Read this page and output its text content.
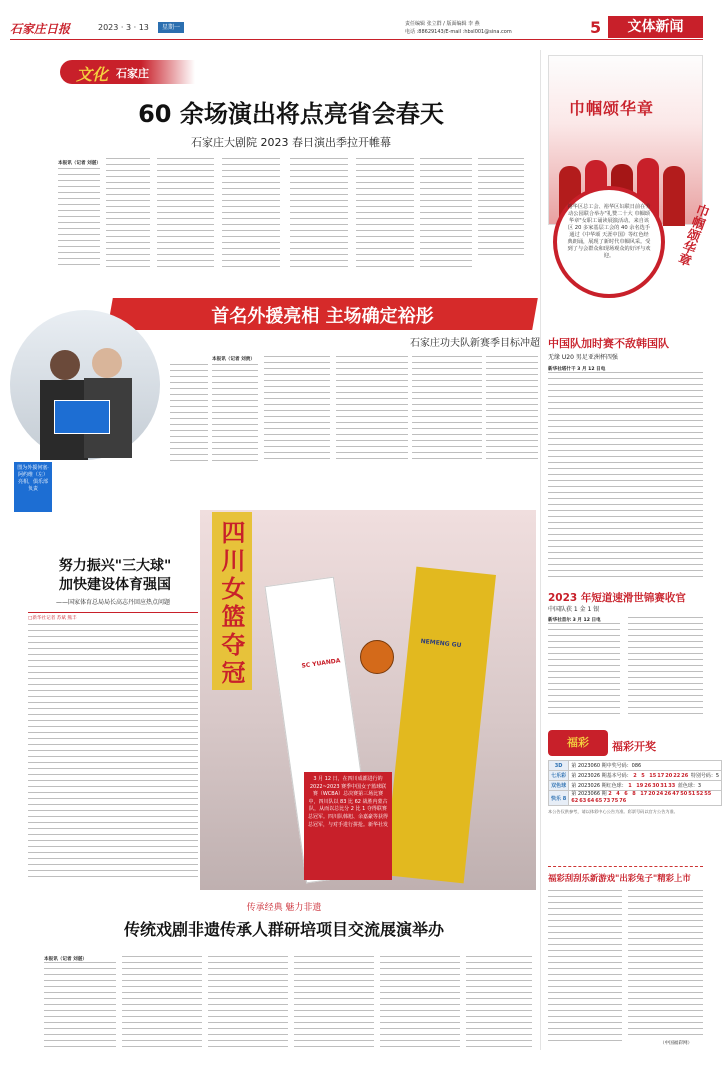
石家庄日报	2023 · 3 · 13	星期一	责任编辑 张立群 / 版面编辑 李 燕
电话 :88629143/E-mail :hbsl001@sina.com	5	文体新闻
文化 石家庄
60 余场演出将点亮省会春天
石家庄大剧院 2023 春日演出季拉开帷幕
本报讯（记者 刘湛）
巾帼颂华章
裕华区总工会、裕华区妇联日前在劳动公园联合举办"礼赞二十大 巾帼颂华章"女职工诵读展演活动。来自该区 20 多家基层工会的 40 余名选手通过《中华颂 天涯中国》等红色经典朗诵，展现了新时代巾帼风采。受到了与会群众和现场观众的好评与欢迎。	巾帼颂华章
首名外援亮相 主场确定裕彤
石家庄功夫队新赛季目标冲超
图为外援何塞·阿约维（左）亮相，俱乐部负责
本报讯（记者 刘贵）
中国队加时赛不敌韩国队
无缘 U20 男足亚洲杯四强
新华社塔什干 3 月 12 日电
2023 年短道速滑世锦赛收官
中国队获 1 金 1 银
新华社首尔 3 月 12 日电
努力振兴"三大球"
加快建设体育强国
——国家体育总局局长高志丹回应热点问题
□新华社记者 苏斌 熊丰
SC YUANDA
NEMENG GU
四川女篮夺冠
3 月 12 日，在四川成都进行的 2022~2023 赛季中国女子篮球联赛（WCBA）总决赛第三场比赛中，四川队以 83 比 62 战胜内蒙古队，从而以总比分 2 比 1 夺得联赛总冠军。四川队韩旭、余嘉豪等获得总冠军，与对手进行拼抢。新华社发
福彩	福彩开奖
3D	第 2023060 期中奖号码：086
七乐彩	第 2023026 期基本号码： 2 5 1517202226 特别号码：5
双色球	第 2023026 期红色球： 1 1926303133 蓝色球：3
快乐 8	第 2023066 期 2 4 6 8 17202426475051525562636465737576
本公告仅供参考，请以体彩中心公告为准。彩票号码以官方公告为准。
福彩刮刮乐新游戏"出彩兔子"精彩上市
（中国福彩网）
传承经典 魅力非遗
传统戏剧非遗传承人群研培项目交流展演举办
本报讯（记者 刘湛）
